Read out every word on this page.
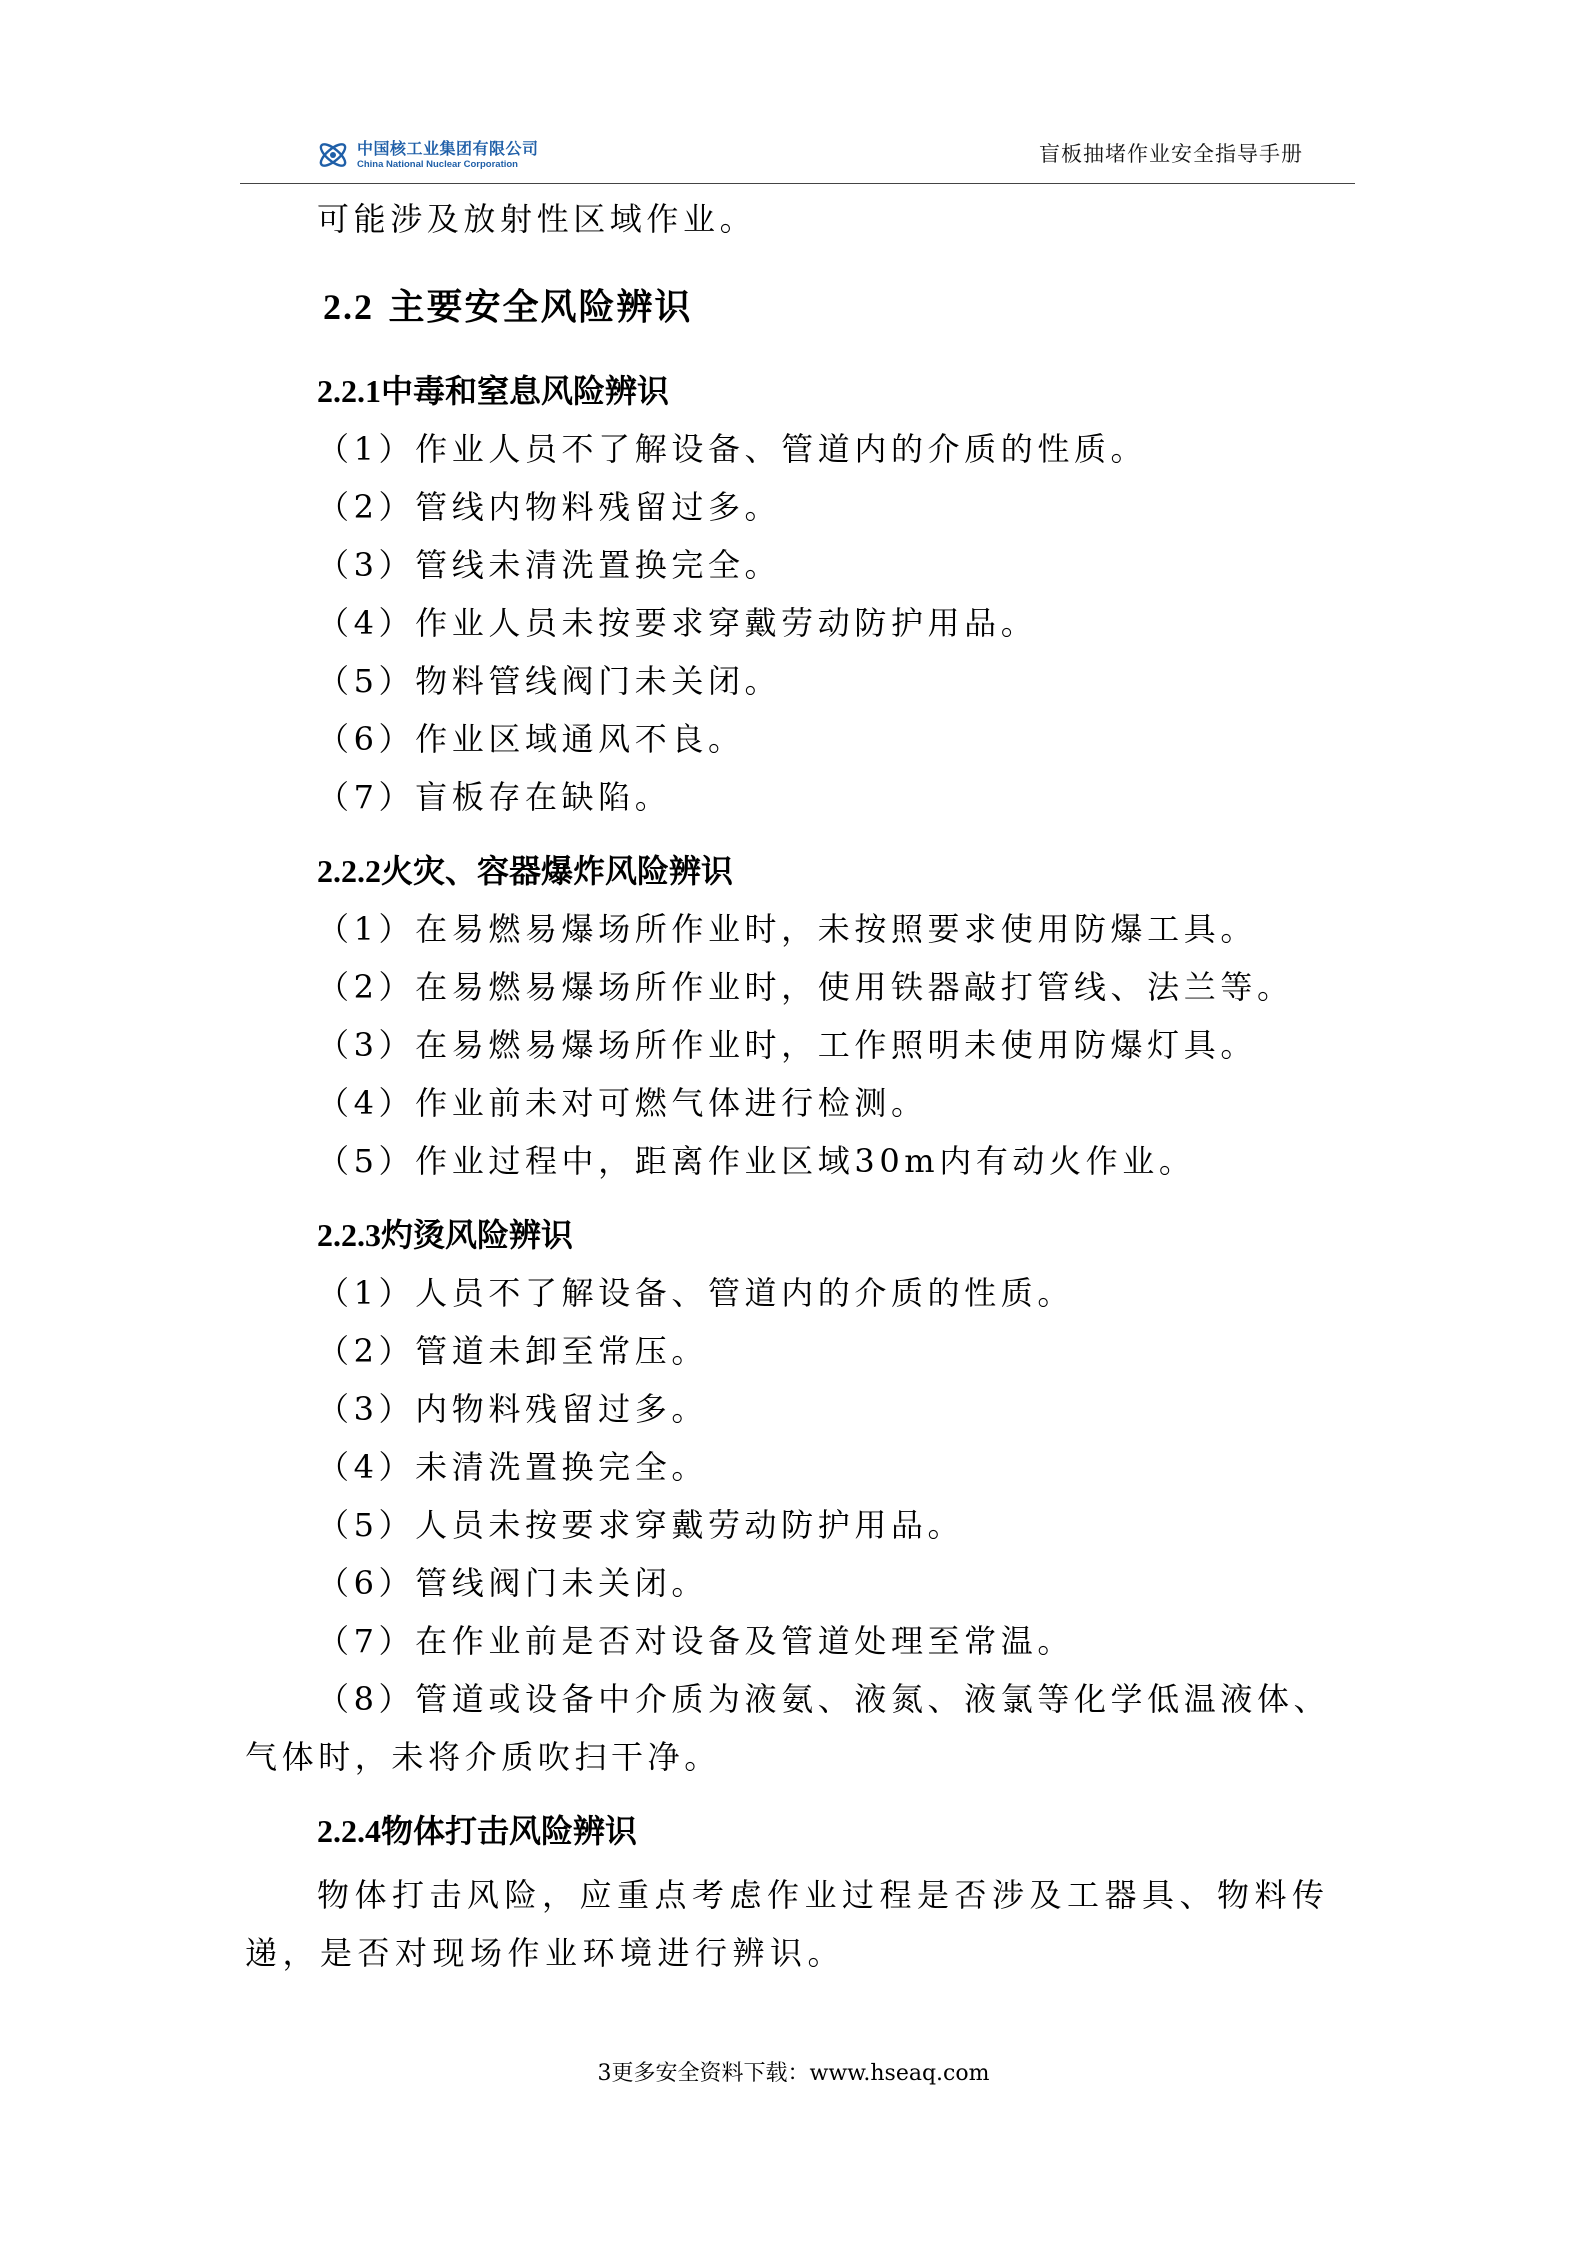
中国核工业集团有限公司
China National Nuclear Corporation	盲板抽堵作业安全指导手册

可能涉及放射性区域作业。

2.2 主要安全风险辨识
2.2.1中毒和窒息风险辨识

（1）作业人员不了解设备、管道内的介质的性质。

（2）管线内物料残留过多。

（3）管线未清洗置换完全。

（4）作业人员未按要求穿戴劳动防护用品。

（5）物料管线阀门未关闭。

（6）作业区域通风不良。

（7）盲板存在缺陷。

2.2.2火灾、容器爆炸风险辨识

（1）在易燃易爆场所作业时，未按照要求使用防爆工具。

（2）在易燃易爆场所作业时，使用铁器敲打管线、法兰等。

（3）在易燃易爆场所作业时，工作照明未使用防爆灯具。

（4）作业前未对可燃气体进行检测。

（5）作业过程中，距离作业区域30m内有动火作业。

2.2.3灼烫风险辨识

（1）人员不了解设备、管道内的介质的性质。

（2）管道未卸至常压。

（3）内物料残留过多。

（4）未清洗置换完全。

（5）人员未按要求穿戴劳动防护用品。

（6）管线阀门未关闭。

（7）在作业前是否对设备及管道处理至常温。

（8）管道或设备中介质为液氨、液氮、液氯等化学低温液体、气体时，未将介质吹扫干净。

2.2.4物体打击风险辨识

物体打击风险，应重点考虑作业过程是否涉及工器具、物料传递，是否对现场作业环境进行辨识。

3更多安全资料下载：www.hseaq.com
